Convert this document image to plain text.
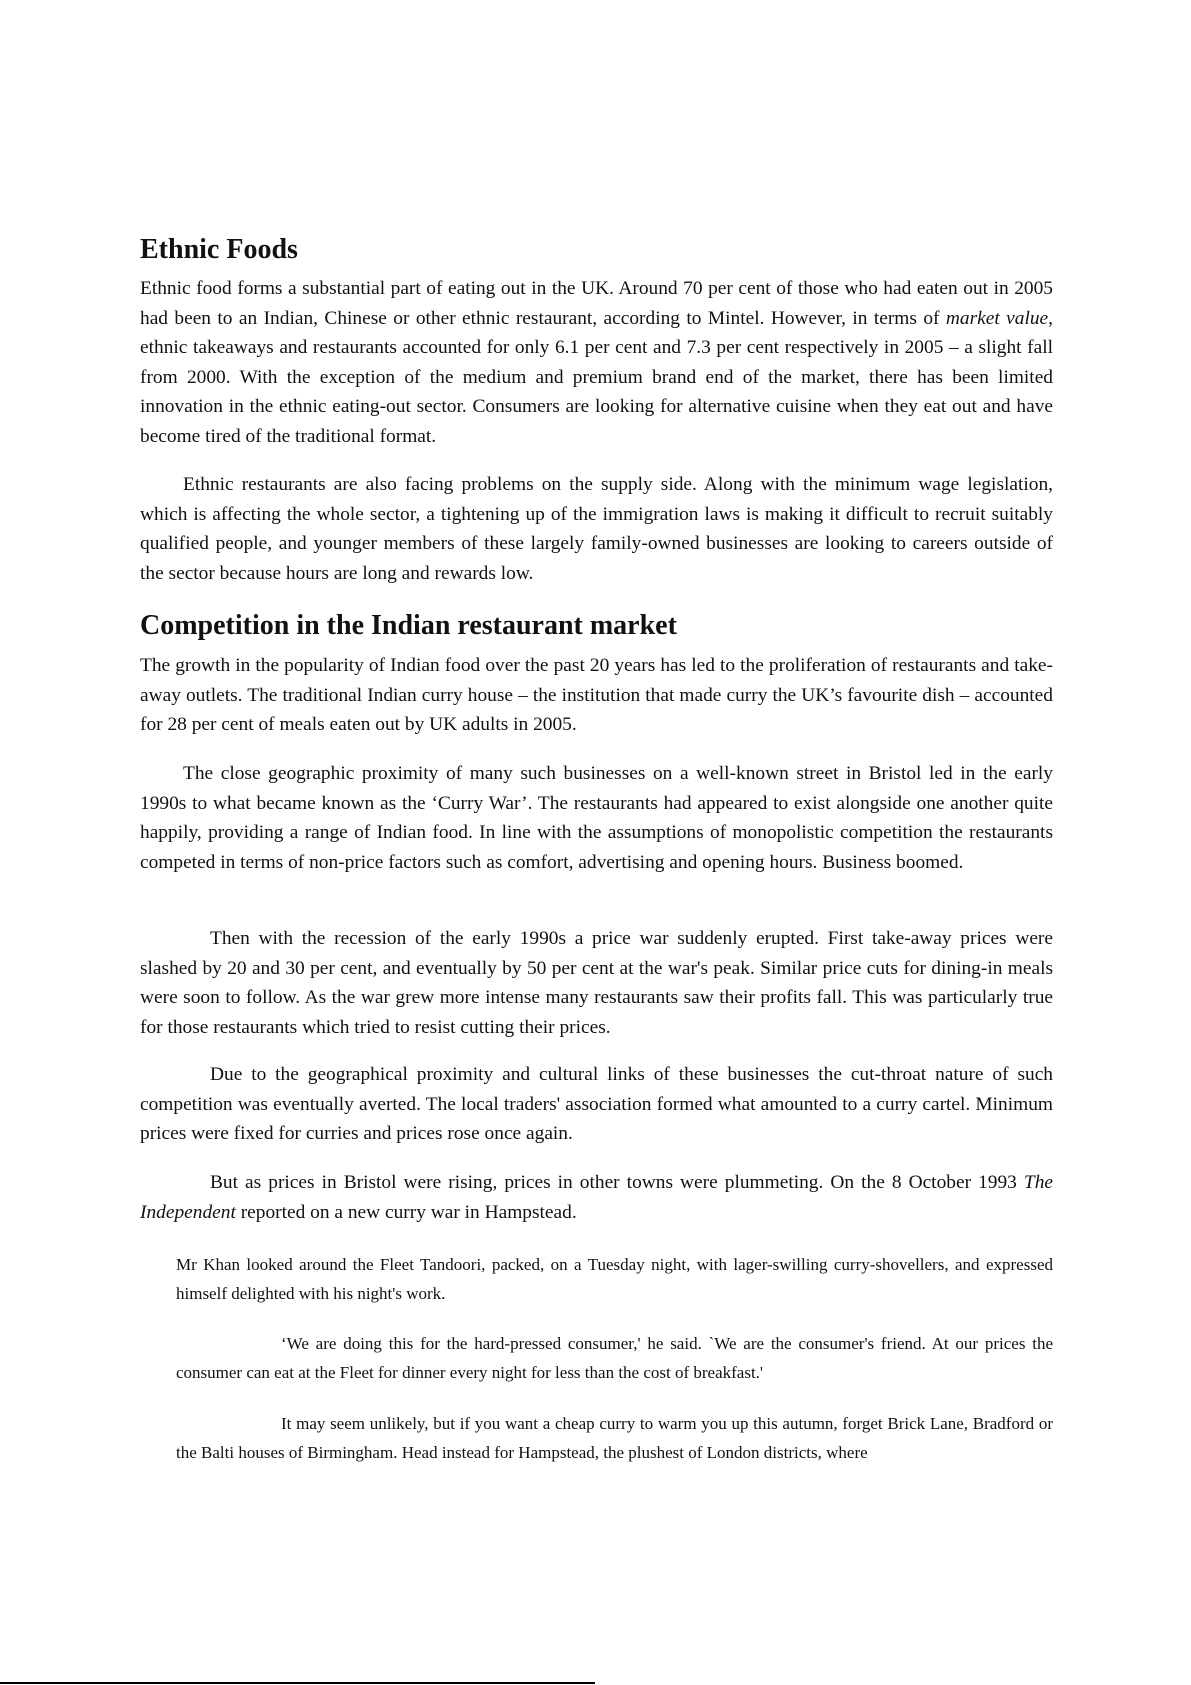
Ethnic Foods
Ethnic food forms a substantial part of eating out in the UK. Around 70 per cent of those who had eaten out in 2005 had been to an Indian, Chinese or other ethnic restaurant, according to Mintel. However, in terms of market value, ethnic takeaways and restaurants accounted for only 6.1 per cent and 7.3 per cent respectively in 2005 – a slight fall from 2000. With the exception of the medium and premium brand end of the market, there has been limited innovation in the ethnic eating-out sector. Consumers are looking for alternative cuisine when they eat out and have become tired of the traditional format.
Ethnic restaurants are also facing problems on the supply side. Along with the minimum wage legislation, which is affecting the whole sector, a tightening up of the immigration laws is making it difficult to recruit suitably qualified people, and younger members of these largely family-owned businesses are looking to careers outside of the sector because hours are long and rewards low.
Competition in the Indian restaurant market
The growth in the popularity of Indian food over the past 20 years has led to the proliferation of restaurants and take-away outlets. The traditional Indian curry house – the institution that made curry the UK’s favourite dish – accounted for 28 per cent of meals eaten out by UK adults in 2005.
The close geographic proximity of many such businesses on a well-known street in Bristol led in the early 1990s to what became known as the ‘Curry War’. The restaurants had appeared to exist alongside one another quite happily, providing a range of Indian food. In line with the assumptions of monopolistic competition the restaurants competed in terms of non-price factors such as comfort, advertising and opening hours. Business boomed.
Then with the recession of the early 1990s a price war suddenly erupted. First take-away prices were slashed by 20 and 30 per cent, and eventually by 50 per cent at the war's peak. Similar price cuts for dining-in meals were soon to follow. As the war grew more intense many restaurants saw their profits fall. This was particularly true for those restaurants which tried to resist cutting their prices.
Due to the geographical proximity and cultural links of these businesses the cut-throat nature of such competition was eventually averted. The local traders' association formed what amounted to a curry cartel. Minimum prices were fixed for curries and prices rose once again.
But as prices in Bristol were rising, prices in other towns were plummeting. On the 8 October 1993 The Independent reported on a new curry war in Hampstead.
Mr Khan looked around the Fleet Tandoori, packed, on a Tuesday night, with lager-swilling curry-shovellers, and expressed himself delighted with his night's work.
‘We are doing this for the hard-pressed consumer,' he said. `We are the consumer's friend. At our prices the consumer can eat at the Fleet for dinner every night for less than the cost of breakfast.'
It may seem unlikely, but if you want a cheap curry to warm you up this autumn, forget Brick Lane, Bradford or the Balti houses of Birmingham. Head instead for Hampstead, the plushest of London districts, where
